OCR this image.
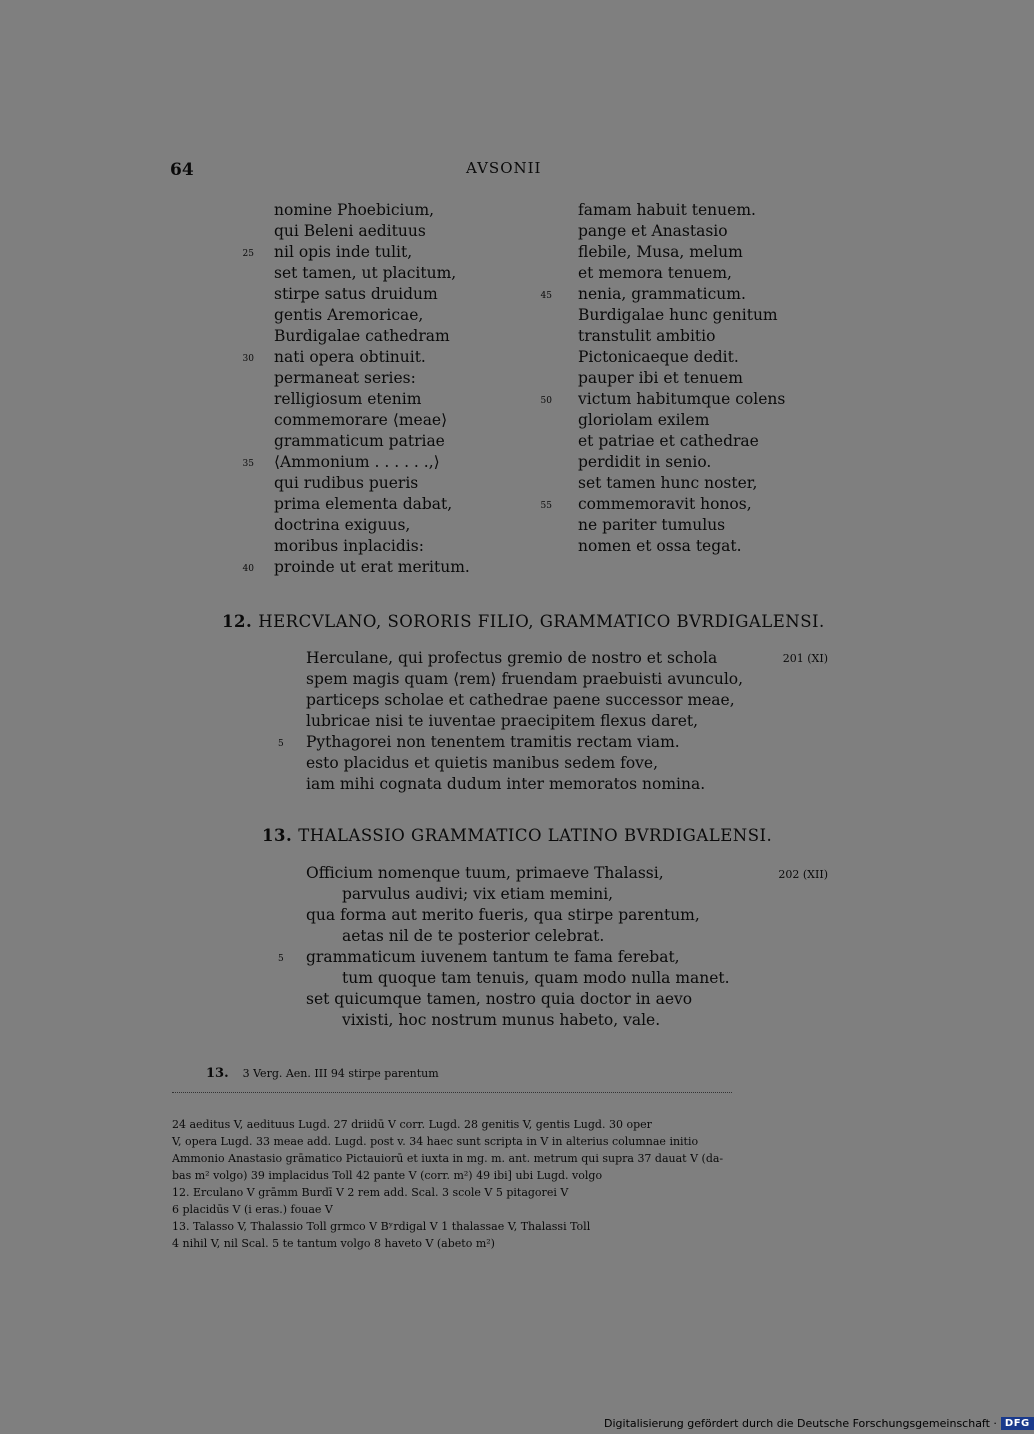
64	AVSONII
nomine Phoebicium,
qui Beleni aedituus
25 nil opis inde tulit,
set tamen, ut placitum,
stirpe satus druidum
gentis Aremoricae,
Burdigalae cathedram
30 nati opera obtinuit.
permaneat series:
relligiosum etenim
commemorare ⟨meae⟩
grammaticum patriae
35 ⟨Ammonium . . . . . .,⟩
qui rudibus pueris
prima elementa dabat,
doctrina exiguus,
moribus inplacidis:
40 proinde ut erat meritum.
famam habuit tenuem.
pange et Anastasio
flebile, Musa, melum
et memora tenuem,
45 nenia, grammaticum.
Burdigalae hunc genitum
transtulit ambitio
Pictonicaeque dedit.
pauper ibi et tenuem
50 victum habitumque colens
gloriolam exilem
et patriae et cathedrae
perdidit in senio.
set tamen hunc noster,
55 commemoravit honos,
ne pariter tumulus
nomen et ossa tegat.
12. HERCVLANO, SORORIS FILIO, GRAMMATICO BVRDIGALENSI.
Herculane, qui profectus gremio de nostro et schola
spem magis quam ⟨rem⟩ fruendam praebuisti avunculo,
particeps scholae et cathedrae paene successor meae,
lubricae nisi te iuventae praecipitem flexus daret,
5 Pythagorei non tenentem tramitis rectam viam.
esto placidus et quietis manibus sedem fove,
iam mihi cognata dudum inter memoratos nomina.
201 (XI)
13. THALASSIO GRAMMATICO LATINO BVRDIGALENSI.
Officium nomenque tuum, primaeve Thalassi,
parvulus audivi; vix etiam memini,
qua forma aut merito fueris, qua stirpe parentum,
aetas nil de te posterior celebrat.
5 grammaticum iuvenem tantum te fama ferebat,
tum quoque tam tenuis, quam modo nulla manet.
set quicumque tamen, nostro quia doctor in aevo
vixisti, hoc nostrum munus habeto, vale.
202 (XII)
13. 3 Verg. Aen. III 94 stirpe parentum
24 aeditus V, aedituus Lugd. 27 driidū V corr. Lugd. 28 genitis V, gentis Lugd. 30 oper
V, opera Lugd. 33 meae add. Lugd. post v. 34 haec sunt scripta in V in alterius columnae initio
Ammonio Anastasio grāmatico Pictauiorū et iuxta in mg. m. ant. metrum qui supra 37 dauat V (da-
bas m² volgo) 39 implacidus Toll 42 pante V (corr. m²) 49 ibi] ubi Lugd. volgo
12. Erculano V grāmm Burdī V 2 rem add. Scal. 3 scole V 5 pitagorei V
6 placidūs V (i eras.) fouae V
13. Talasso V, Thalassio Toll grmco V Bʸrdigal V 1 thalassae V, Thalassi Toll
4 nihil V, nil Scal. 5 te tantum volgo 8 haveto V (abeto m²)
Digitalisierung gefördert durch die Deutsche Forschungsgemeinschaft · DFG
